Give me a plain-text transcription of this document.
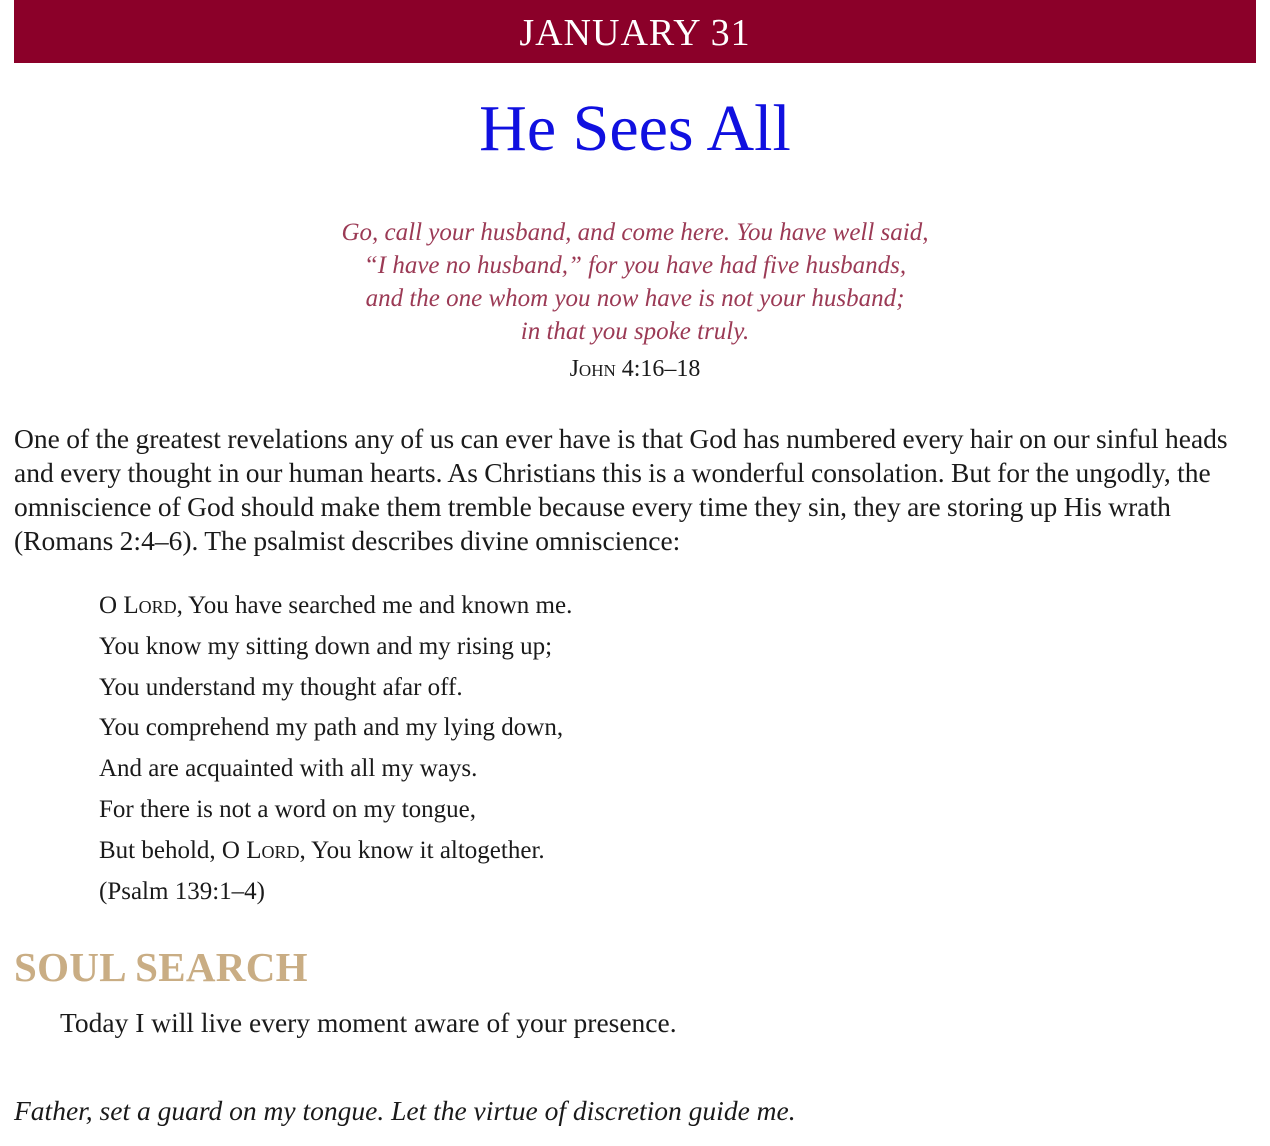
JANUARY 31
He Sees All
Go, call your husband, and come here. You have well said,
“I have no husband,” for you have had five husbands,
and the one whom you now have is not your husband;
in that you spoke truly.
John 4:16–18

One of the greatest revelations any of us can ever have is that God has numbered every hair on our sinful heads and every thought in our human hearts. As Christians this is a wonderful consolation. But for the ungodly, the omniscience of God should make them tremble because every time they sin, they are storing up His wrath (Romans 2:4–6). The psalmist describes divine omniscience:

O Lord, You have searched me and known me.
You know my sitting down and my rising up;
You understand my thought afar off.
You comprehend my path and my lying down,
And are acquainted with all my ways.
For there is not a word on my tongue,
But behold, O Lord, You know it altogether.
(Psalm 139:1–4)
SOUL SEARCH

Today I will live every moment aware of your presence.

Father, set a guard on my tongue. Let the virtue of discretion guide me.
